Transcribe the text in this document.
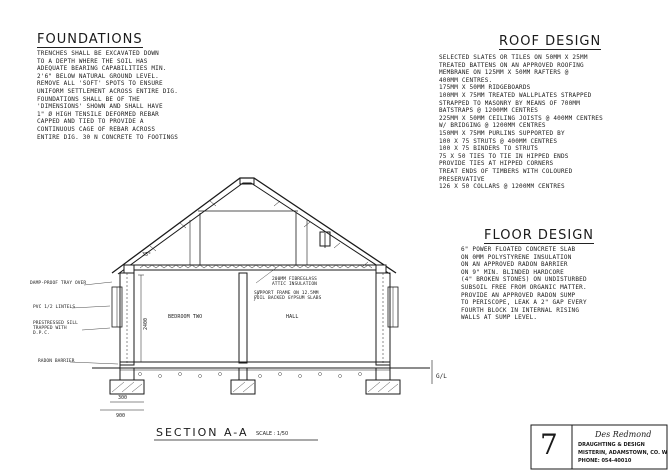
FOUNDATIONS
TRENCHES SHALL BE EXCAVATED DOWN
TO A DEPTH WHERE THE SOIL HAS
ADEQUATE BEARING CAPABILITIES MIN.
2'6" BELOW NATURAL GROUND LEVEL.
REMOVE ALL 'SOFT' SPOTS TO ENSURE
UNIFORM SETTLEMENT ACROSS ENTIRE DIG.
FOUNDATIONS SHALL BE OF THE
'DIMENSIONS' SHOWN AND SHALL HAVE
1" Ø HIGH TENSILE DEFORMED REBAR
CAPPED AND TIED TO PROVIDE A
CONTINUOUS CAGE OF REBAR ACROSS
ENTIRE DIG. 30 N CONCRETE TO FOOTINGS
ROOF DESIGN
SELECTED SLATES OR TILES ON 50MM X 25MM
TREATED BATTENS ON AN APPROVED ROOFING
MEMBRANE ON 125MM X 50MM RAFTERS @
400MM CENTRES.
175MM X 50MM RIDGEBOARDS
100MM X 75MM TREATED WALLPLATES STRAPPED
STRAPPED TO MASONRY BY MEANS OF 700MM
BATSTRAPS @ 1200MM CENTRES
225MM X 50MM CEILING JOISTS @ 400MM CENTRES
W/ BRIDGING @ 1200MM CENTRES
150MM X 75MM PURLINS SUPPORTED BY
100 X 75 STRUTS @ 400MM CENTRES
100 X 75 BINDERS TO STRUTS
75 X 50 TIES TO TIE IN HIPPED ENDS
PROVIDE TIES AT HIPPED CORNERS
TREAT ENDS OF TIMBERS WITH COLOURED
PRESERVATIVE
126 X 50 COLLARS @ 1200MM CENTRES
FLOOR DESIGN
6" POWER FLOATED CONCRETE SLAB
ON 0MM POLYSTYRENE INSULATION
ON AN APPROVED RADON BARRIER
ON 9" MIN. BLINDED HARDCORE
(4" BROKEN STONES) ON UNDISTURBED
SUBSOIL FREE FROM ORGANIC MATTER.
PROVIDE AN APPROVED RADON SUMP
TO PERISCOPE, LEAK A 2" GAP EVERY
FOURTH BLOCK IN INTERNAL RISING
WALLS AT SUMP LEVEL.
35°
2400
G/L
300
900
DAMP-PROOF TRAY OVER
PVC 1/2 LINTELS
PRESTRESSED SILL TRAPPED WITH D.P.C.
RADON BARRIER
200MM FIBREGLASS ATTIC INSULATION
SUPPORT FRAME ON 12.5MM FOIL BACKED GYPSUM SLABS
BEDROOM TWO	HALL
SECTION A-A SCALE : 1/50	7	Des Redmond
DRAUGHTING & DESIGN
MISTERIN, ADAMSTOWN, CO. W
PHONE: 054-40010
